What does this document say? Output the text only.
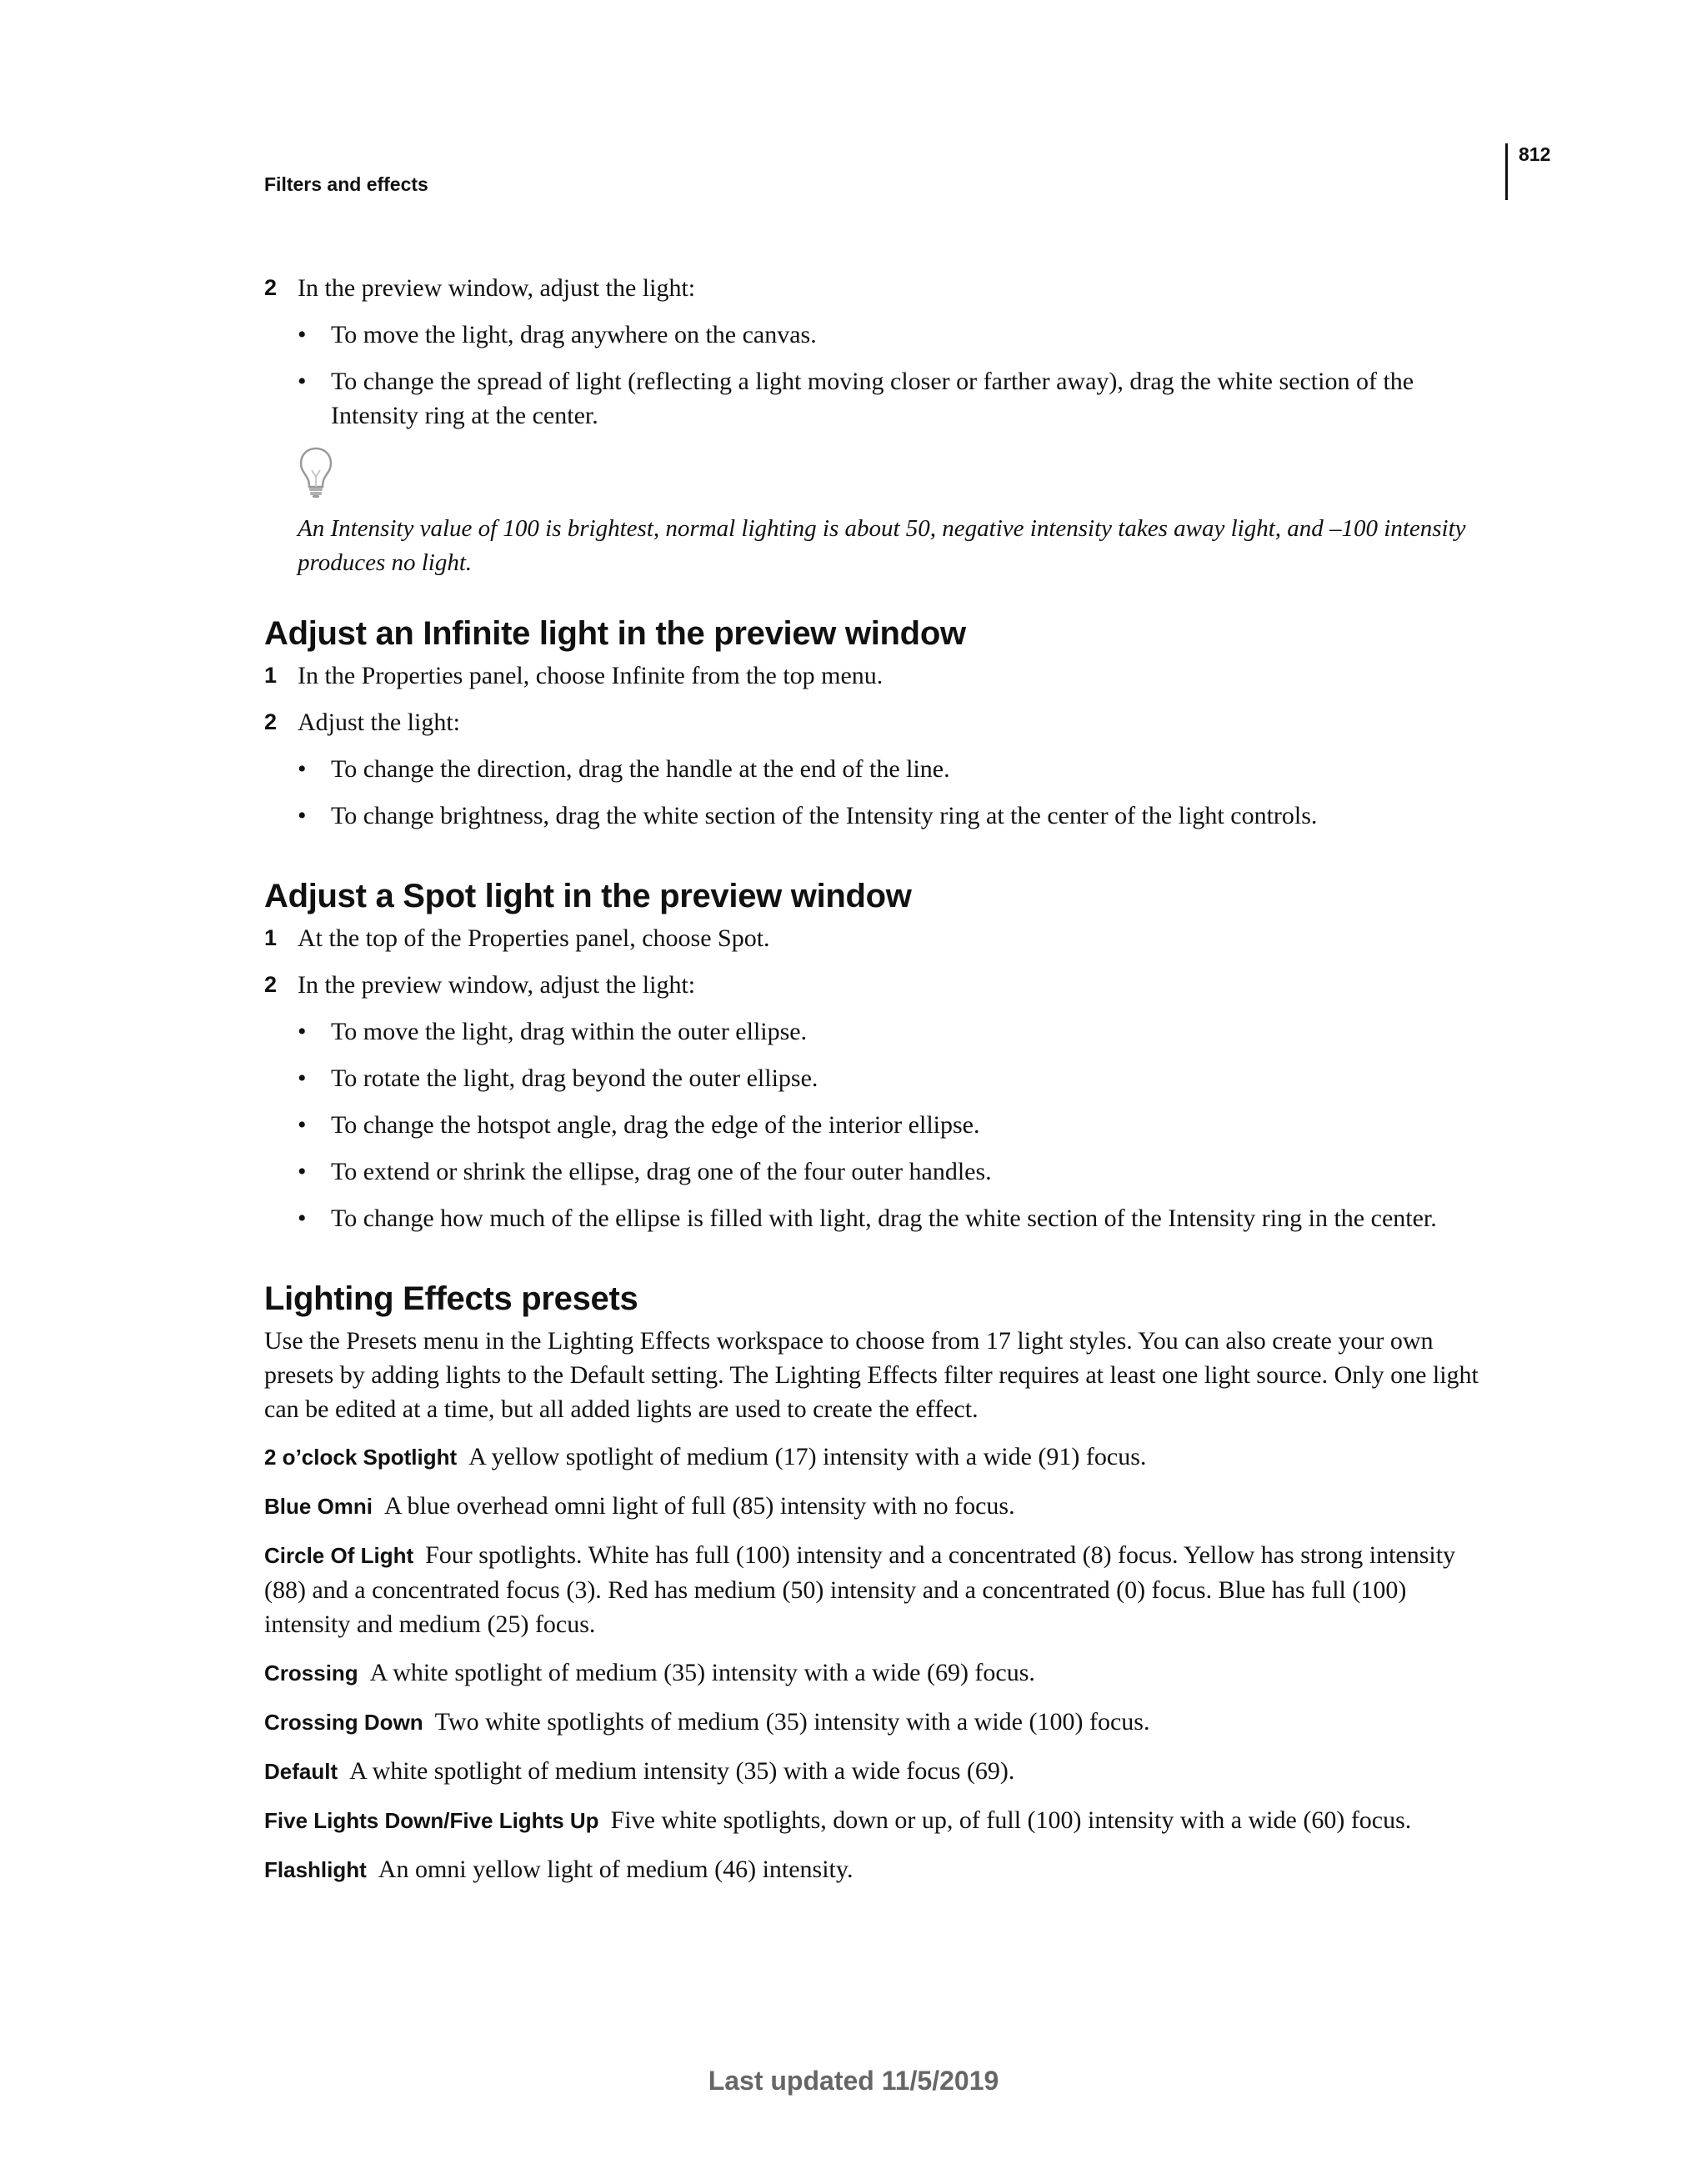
Filters and effects
812
2 In the preview window, adjust the light:
• To move the light, drag anywhere on the canvas.
• To change the spread of light (reflecting a light moving closer or farther away), drag the white section of the Intensity ring at the center.
An Intensity value of 100 is brightest, normal lighting is about 50, negative intensity takes away light, and –100 intensity produces no light.
Adjust an Infinite light in the preview window
1 In the Properties panel, choose Infinite from the top menu.
2 Adjust the light:
• To change the direction, drag the handle at the end of the line.
• To change brightness, drag the white section of the Intensity ring at the center of the light controls.
Adjust a Spot light in the preview window
1 At the top of the Properties panel, choose Spot.
2 In the preview window, adjust the light:
• To move the light, drag within the outer ellipse.
• To rotate the light, drag beyond the outer ellipse.
• To change the hotspot angle, drag the edge of the interior ellipse.
• To extend or shrink the ellipse, drag one of the four outer handles.
• To change how much of the ellipse is filled with light, drag the white section of the Intensity ring in the center.
Lighting Effects presets

Use the Presets menu in the Lighting Effects workspace to choose from 17 light styles. You can also create your own presets by adding lights to the Default setting. The Lighting Effects filter requires at least one light source. Only one light can be edited at a time, but all added lights are used to create the effect.

2 o’clock Spotlight A yellow spotlight of medium (17) intensity with a wide (91) focus.

Blue Omni A blue overhead omni light of full (85) intensity with no focus.

Circle Of Light Four spotlights. White has full (100) intensity and a concentrated (8) focus. Yellow has strong intensity (88) and a concentrated focus (3). Red has medium (50) intensity and a concentrated (0) focus. Blue has full (100) intensity and medium (25) focus.

Crossing A white spotlight of medium (35) intensity with a wide (69) focus.

Crossing Down Two white spotlights of medium (35) intensity with a wide (100) focus.

Default A white spotlight of medium intensity (35) with a wide focus (69).

Five Lights Down/Five Lights Up Five white spotlights, down or up, of full (100) intensity with a wide (60) focus.

Flashlight An omni yellow light of medium (46) intensity.

Last updated 11/5/2019
